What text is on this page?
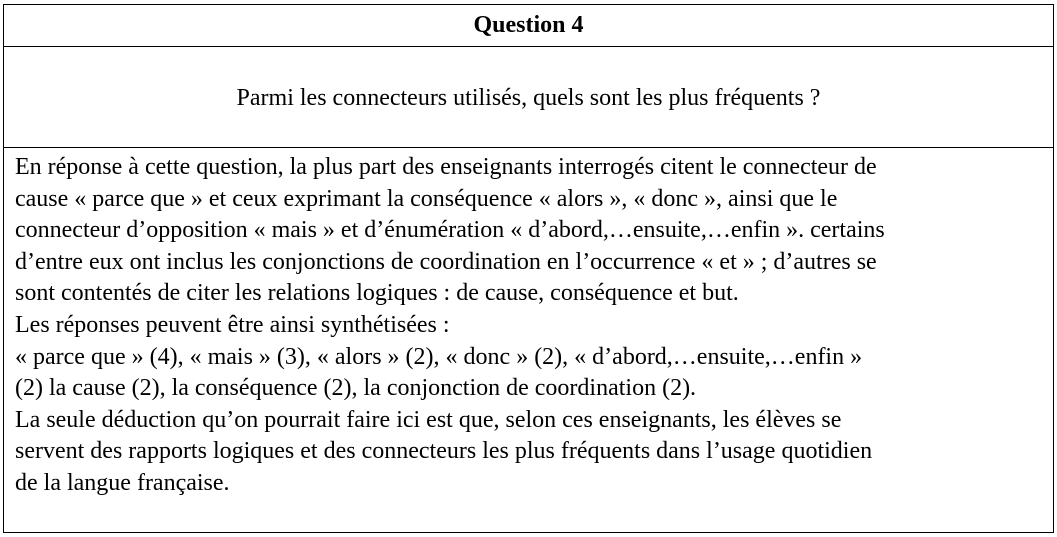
Question 4
Parmi les connecteurs utilisés, quels sont les plus fréquents ?
En réponse à cette question, la plus part des enseignants interrogés citent le connecteur de
cause « parce que » et ceux exprimant la conséquence « alors », « donc », ainsi que le
connecteur d’opposition « mais » et d’énumération « d’abord,…ensuite,…enfin ». certains
d’entre eux ont inclus les conjonctions de coordination en l’occurrence « et » ; d’autres se
sont contentés de citer les relations logiques : de cause, conséquence et but.
Les réponses peuvent être ainsi synthétisées :
« parce que » (4), « mais » (3), « alors » (2), « donc » (2), « d’abord,…ensuite,…enfin »
(2) la cause (2), la conséquence (2), la conjonction de coordination (2).
La seule déduction qu’on pourrait faire ici est que, selon ces enseignants, les élèves se
servent des rapports logiques et des connecteurs les plus fréquents dans l’usage quotidien
de la langue française.
